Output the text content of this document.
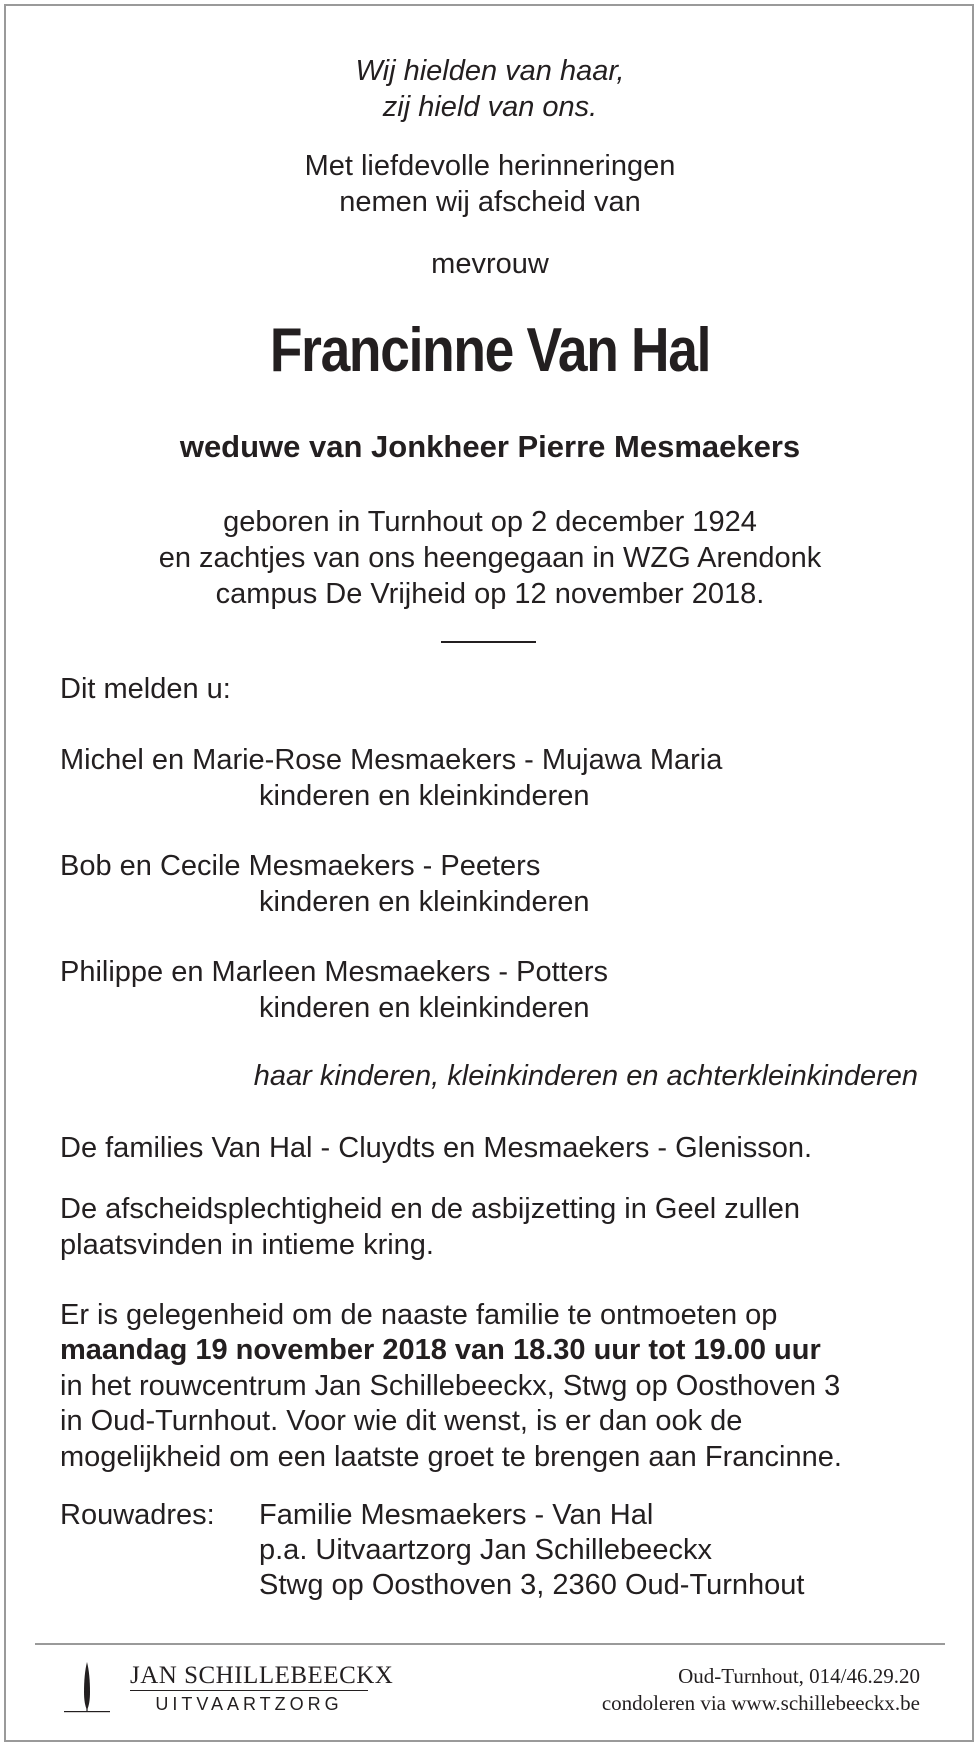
Wij hielden van haar,
zij hield van ons.
Met liefdevolle herinneringen
nemen wij afscheid van
mevrouw
Francinne Van Hal
weduwe van Jonkheer Pierre Mesmaekers
geboren in Turnhout op 2 december 1924
en zachtjes van ons heengegaan in WZG Arendonk
campus De Vrijheid op 12 november 2018.
Dit melden u:
Michel en Marie-Rose Mesmaekers - Mujawa Maria
kinderen en kleinkinderen
Bob en Cecile Mesmaekers - Peeters
kinderen en kleinkinderen
Philippe en Marleen Mesmaekers - Potters
kinderen en kleinkinderen
haar kinderen, kleinkinderen en achterkleinkinderen
De families Van Hal - Cluydts en Mesmaekers - Glenisson.
De afscheidsplechtigheid en de asbijzetting in Geel zullen
plaatsvinden in intieme kring.
Er is gelegenheid om de naaste familie te ontmoeten op
maandag 19 november 2018 van 18.30 uur tot 19.00 uur
in het rouwcentrum Jan Schillebeeckx, Stwg op Oosthoven 3
in Oud-Turnhout. Voor wie dit wenst, is er dan ook de
mogelijkheid om een laatste groet te brengen aan Francinne.
Rouwadres: Familie Mesmaekers - Van Hal
p.a. Uitvaartzorg Jan Schillebeeckx
Stwg op Oosthoven 3, 2360 Oud-Turnhout
JAN SCHILLEBEECKX
UITVAARTZORG
Oud-Turnhout, 014/46.29.20
condoleren via www.schillebeeckx.be
